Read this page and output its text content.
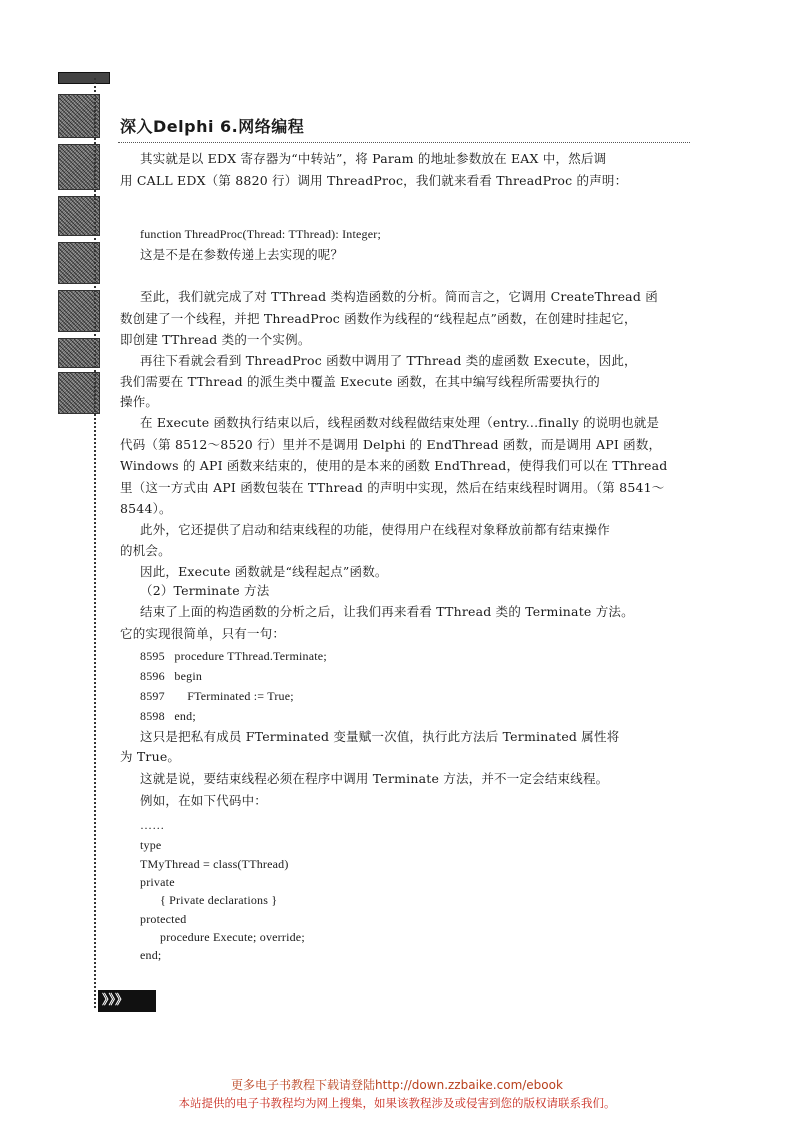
深入Delphi 6.网络编程
其实就是以 EDX 寄存器为“中转站”，将 Param 的地址参数放在 EAX 中，然后调
用 CALL EDX（第 8820 行）调用 ThreadProc，我们就来看看 ThreadProc 的声明：
function ThreadProc(Thread: TThread): Integer;
这是不是在参数传递上去实现的呢？
至此，我们就完成了对 TThread 类构造函数的分析。简而言之，它调用 CreateThread 函
数创建了一个线程，并把 ThreadProc 函数作为线程的“线程起点”函数，在创建时挂起它，
即创建 TThread 类的一个实例。
再往下看就会看到 ThreadProc 函数中调用了 TThread 类的虚函数 Execute，因此，
我们需要在 TThread 的派生类中覆盖 Execute 函数，在其中编写线程所需要执行的
操作。
在 Execute 函数执行结束以后，线程函数对线程做结束处理（entry...finally 的说明也就是
代码（第 8512～8520 行）里并不是调用 Delphi 的 EndThread 函数，而是调用 API 函数，
Windows 的 API 函数来结束的，使用的是本来的函数 EndThread，使得我们可以在 TThread
里（这一方式由 API 函数包装在 TThread 的声明中实现，然后在结束线程时调用。（第 8541～
8544）。
此外，它还提供了启动和结束线程的功能，使得用户在线程对象释放前都有结束操作
的机会。
因此，Execute 函数就是“线程起点”函数。
（2）Terminate 方法
结束了上面的构造函数的分析之后，让我们再来看看 TThread 类的 Terminate 方法。
它的实现很简单，只有一句：
8595   procedure TThread.Terminate;
8596   begin
8597       FTerminated := True;
8598   end;
这只是把私有成员 FTerminated 变量赋一次值，执行此方法后 Terminated 属性将
为 True。
这就是说，要结束线程必须在程序中调用 Terminate 方法，并不一定会结束线程。
例如，在如下代码中：
……
type
TMyThread = class(TThread)
private
{ Private declarations }
protected
procedure Execute; override;
end;
》》》
更多电子书教程下载请登陆http://down.zzbaike.com/ebook
本站提供的电子书教程均为网上搜集，如果该教程涉及或侵害到您的版权请联系我们。
